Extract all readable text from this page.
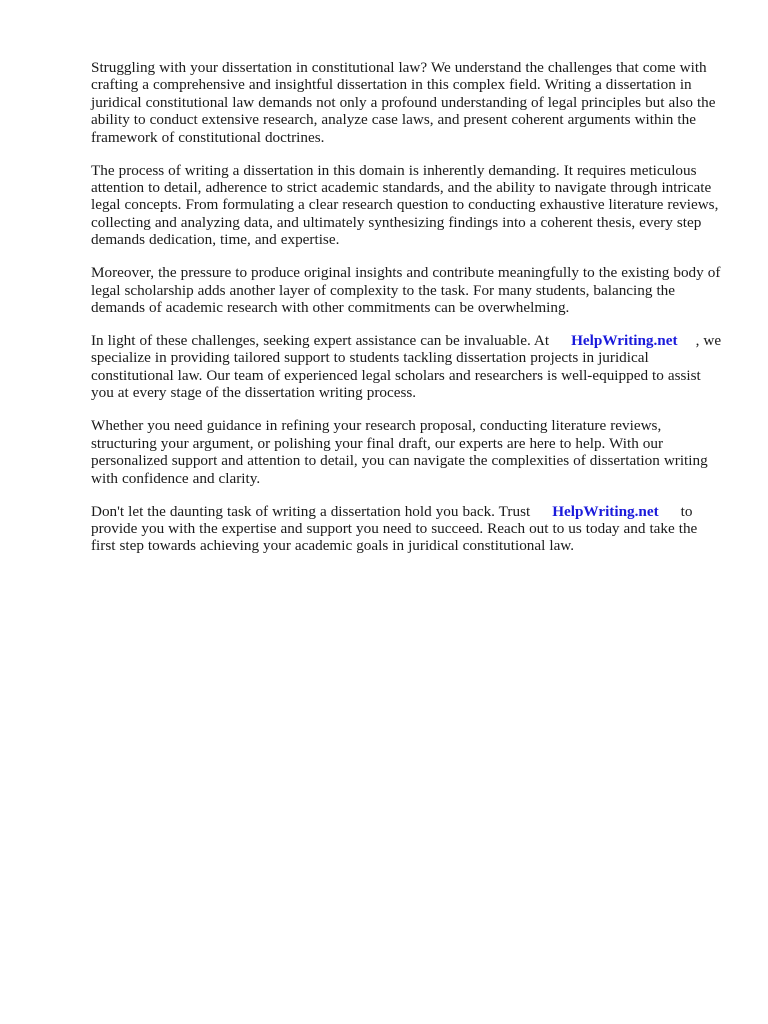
Struggling with your dissertation in constitutional law? We understand the challenges that come with crafting a comprehensive and insightful dissertation in this complex field. Writing a dissertation in juridical constitutional law demands not only a profound understanding of legal principles but also the ability to conduct extensive research, analyze case laws, and present coherent arguments within the framework of constitutional doctrines.

The process of writing a dissertation in this domain is inherently demanding. It requires meticulous attention to detail, adherence to strict academic standards, and the ability to navigate through intricate legal concepts. From formulating a clear research question to conducting exhaustive literature reviews, collecting and analyzing data, and ultimately synthesizing findings into a coherent thesis, every step demands dedication, time, and expertise.

Moreover, the pressure to produce original insights and contribute meaningfully to the existing body of legal scholarship adds another layer of complexity to the task. For many students, balancing the demands of academic research with other commitments can be overwhelming.

In light of these challenges, seeking expert assistance can be invaluable. At HelpWriting.net , we specialize in providing tailored support to students tackling dissertation projects in juridical constitutional law. Our team of experienced legal scholars and researchers is well-equipped to assist you at every stage of the dissertation writing process.

Whether you need guidance in refining your research proposal, conducting literature reviews, structuring your argument, or polishing your final draft, our experts are here to help. With our personalized support and attention to detail, you can navigate the complexities of dissertation writing with confidence and clarity.

Don't let the daunting task of writing a dissertation hold you back. Trust HelpWriting.net to provide you with the expertise and support you need to succeed. Reach out to us today and take the first step towards achieving your academic goals in juridical constitutional law.
